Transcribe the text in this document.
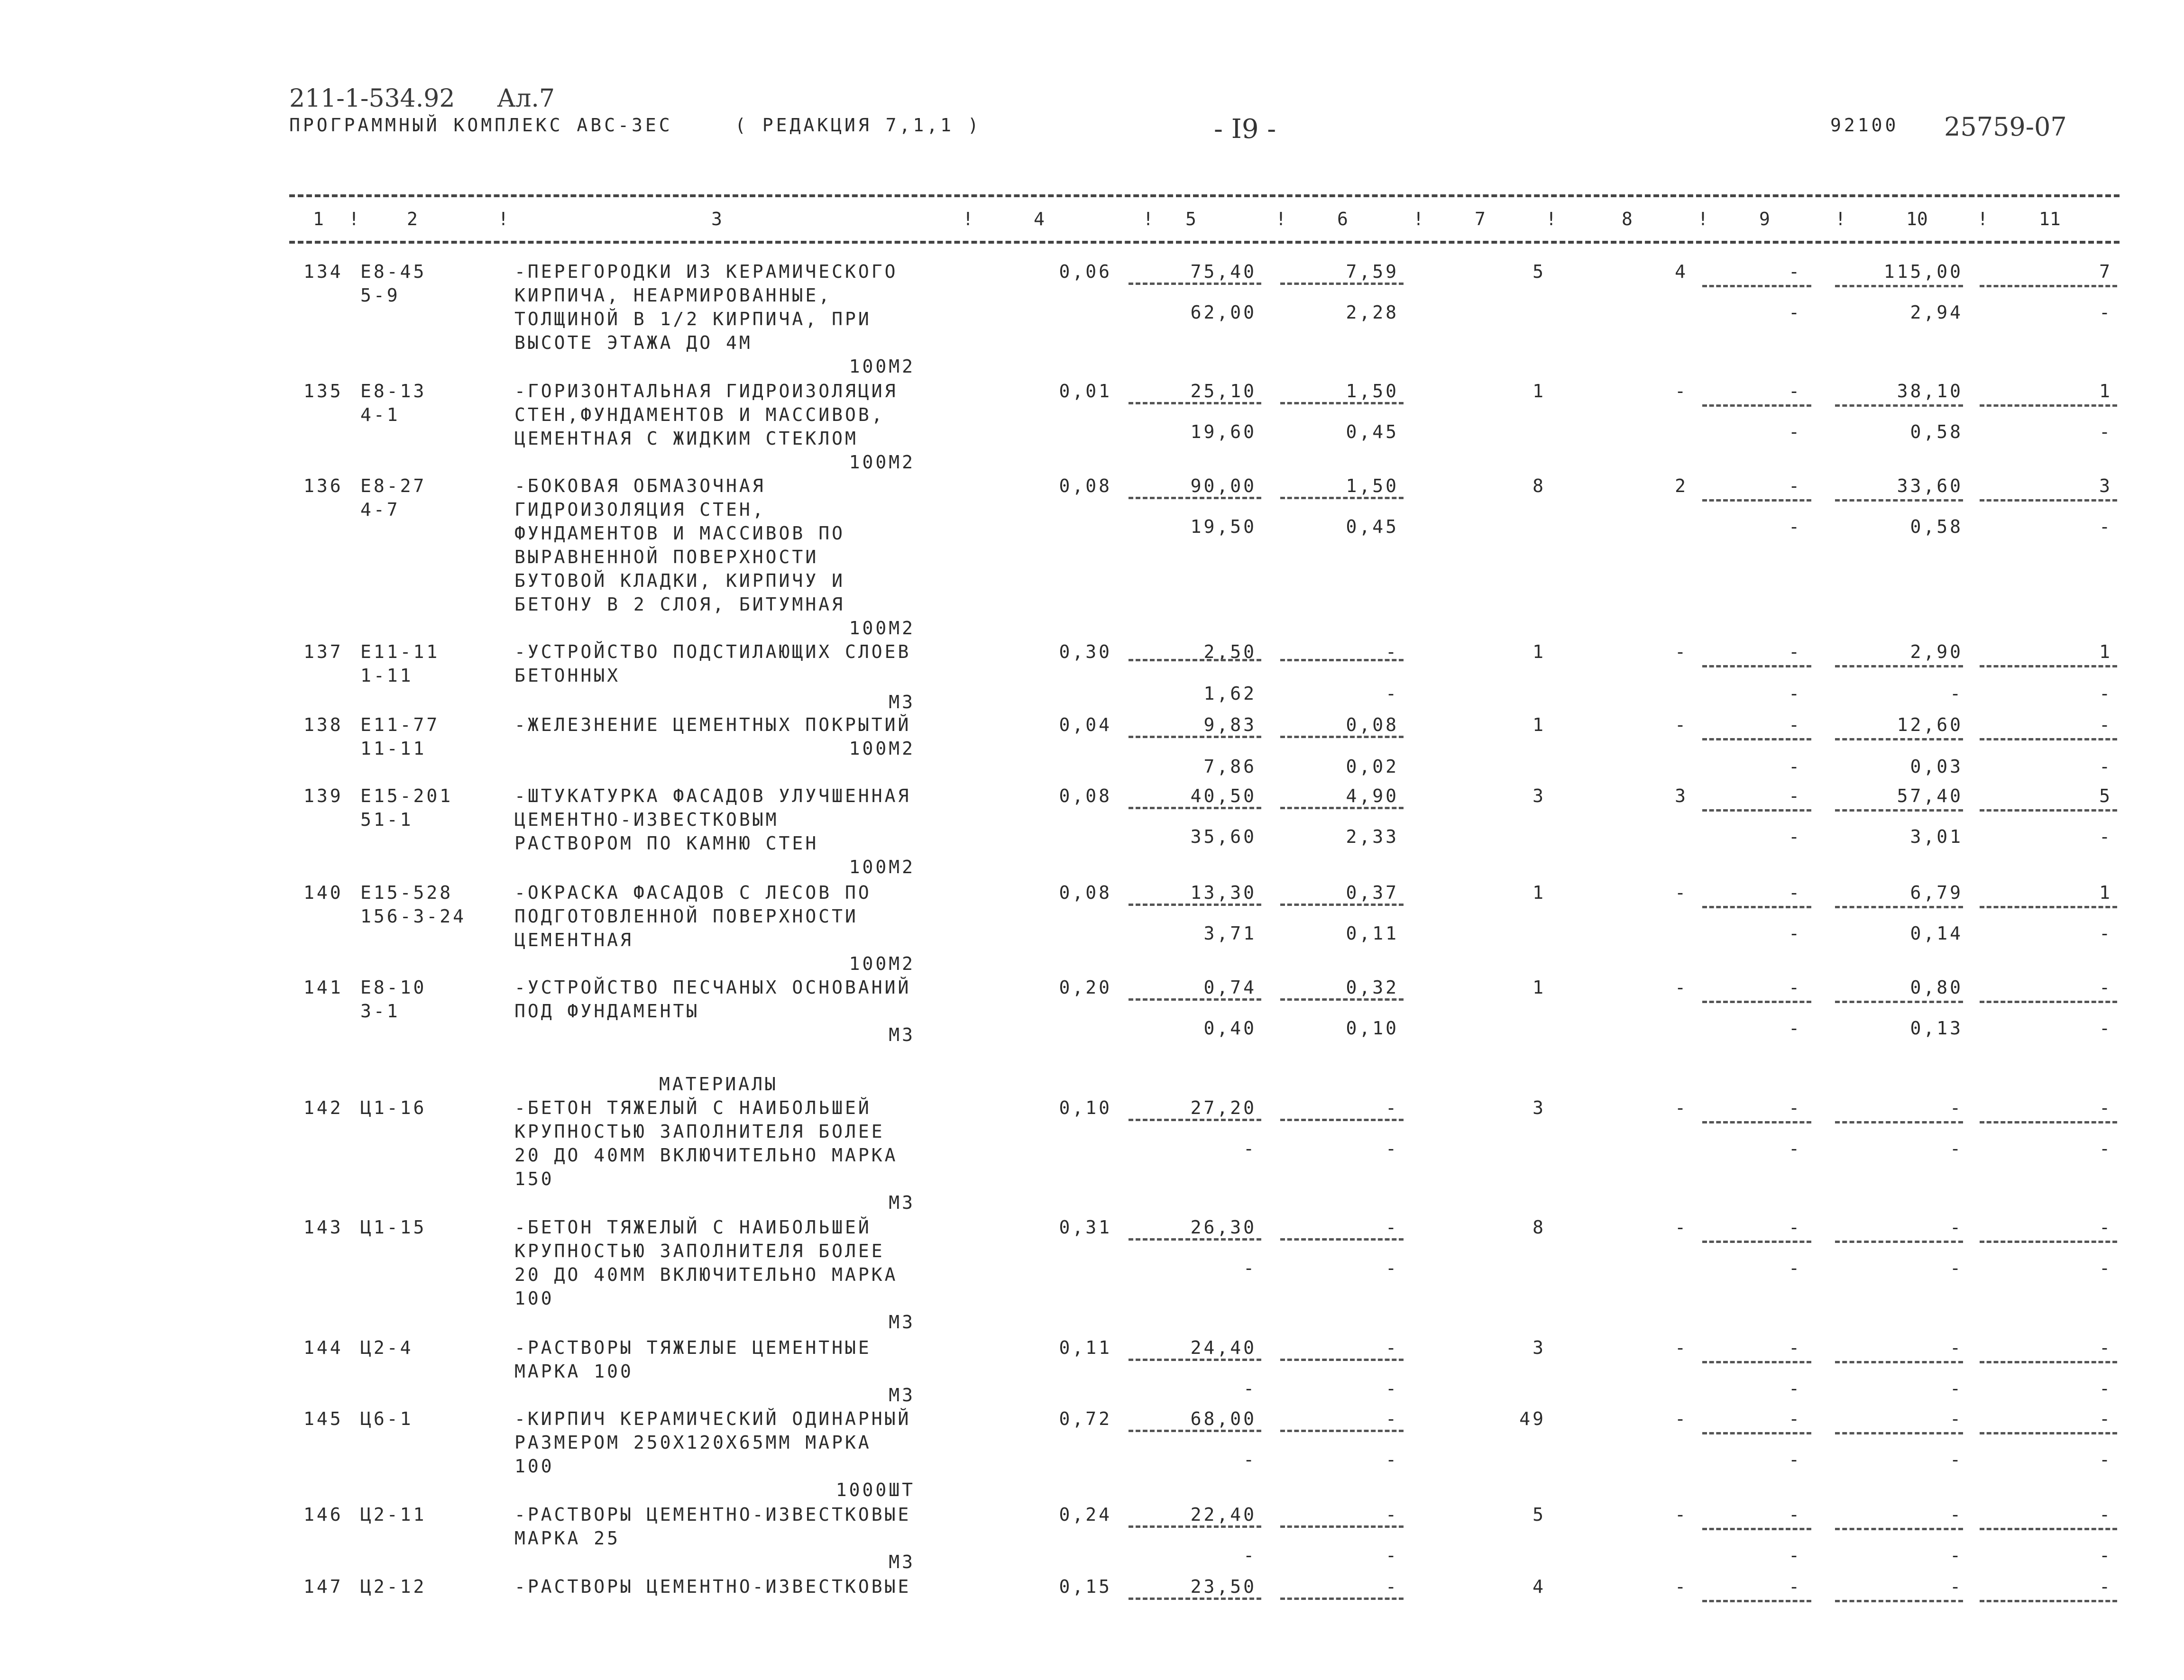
211-1-534.92 Ал.7
ПРОГРАММНЫЙ КОМПЛЕКС АВС-3ЕС	( РЕДАКЦИЯ 7,1,1 )	- I9 -	92100 25759-07
1	2	3	4	5	6	7	8	9	10	11
!	!	!	!	!	!	!	!	!	!
МАТЕРИАЛЫ
134 Е8-45
5-9
-ПЕРЕГОРОДКИ ИЗ КЕРАМИЧЕСКОГО
КИРПИЧА, НЕАРМИРОВАННЫЕ,
ТОЛЩИНОЙ В 1/2 КИРПИЧА, ПРИ
ВЫСОТЕ ЭТАЖА ДО 4М
100М2
0,06	75,40	7,59	5	4	-	115,00	7
62,00	2,28	-	2,94	-
135 Е8-13
4-1
-ГОРИЗОНТАЛЬНАЯ ГИДРОИЗОЛЯЦИЯ
СТЕН,ФУНДАМЕНТОВ И МАССИВОВ,
ЦЕМЕНТНАЯ С ЖИДКИМ СТЕКЛОМ
100М2
0,01	25,10	1,50	1	-	-	38,10	1
19,60	0,45	-	0,58	-
136 Е8-27
4-7
-БОКОВАЯ ОБМАЗОЧНАЯ
ГИДРОИЗОЛЯЦИЯ СТЕН,
ФУНДАМЕНТОВ И МАССИВОВ ПО
ВЫРАВНЕННОЙ ПОВЕРХНОСТИ
БУТОВОЙ КЛАДКИ, КИРПИЧУ И
БЕТОНУ В 2 СЛОЯ, БИТУМНАЯ
100М2
0,08	90,00	1,50	8	2	-	33,60	3
19,50	0,45	-	0,58	-
137 Е11-11
1-11
-УСТРОЙСТВО ПОДСТИЛАЮЩИХ СЛОЕВ
БЕТОННЫХ
М3
0,30	2,50	-	1	-	-	2,90	1
1,62	-	-	-	-
138 Е11-77
11-11
-ЖЕЛЕЗНЕНИЕ ЦЕМЕНТНЫХ ПОКРЫТИЙ
100М2
0,04	9,83	0,08	1	-	-	12,60	-
7,86	0,02	-	0,03	-
139 Е15-201
51-1
-ШТУКАТУРКА ФАСАДОВ УЛУЧШЕННАЯ
ЦЕМЕНТНО-ИЗВЕСТКОВЫМ
РАСТВОРОМ ПО КАМНЮ СТЕН
100М2
0,08	40,50	4,90	3	3	-	57,40	5
35,60	2,33	-	3,01	-
140 Е15-528
156-3-24
-ОКРАСКА ФАСАДОВ С ЛЕСОВ ПО
ПОДГОТОВЛЕННОЙ ПОВЕРХНОСТИ
ЦЕМЕНТНАЯ
100М2
0,08	13,30	0,37	1	-	-	6,79	1
3,71	0,11	-	0,14	-
141 Е8-10
3-1
-УСТРОЙСТВО ПЕСЧАНЫХ ОСНОВАНИЙ
ПОД ФУНДАМЕНТЫ
М3
0,20	0,74	0,32	1	-	-	0,80	-
0,40	0,10	-	0,13	-
142 Ц1-16	-БЕТОН ТЯЖЕЛЫЙ С НАИБОЛЬШЕЙ
КРУПНОСТЬЮ ЗАПОЛНИТЕЛЯ БОЛЕЕ
20 ДО 40ММ ВКЛЮЧИТЕЛЬНО МАРКА
150
М3
0,10	27,20	-	3	-	-	-	-
-	-	-	-	-
143 Ц1-15	-БЕТОН ТЯЖЕЛЫЙ С НАИБОЛЬШЕЙ
КРУПНОСТЬЮ ЗАПОЛНИТЕЛЯ БОЛЕЕ
20 ДО 40ММ ВКЛЮЧИТЕЛЬНО МАРКА
100
М3
0,31	26,30	-	8	-	-	-	-
-	-	-	-	-
144 Ц2-4	-РАСТВОРЫ ТЯЖЕЛЫЕ ЦЕМЕНТНЫЕ
МАРКА 100
М3
0,11	24,40	-	3	-	-	-	-
-	-	-	-	-
145 Ц6-1	-КИРПИЧ КЕРАМИЧЕСКИЙ ОДИНАРНЫЙ
РАЗМЕРОМ 250Х120Х65ММ МАРКА
100
1000ШТ
0,72	68,00	-	49	-	-	-	-
-	-	-	-	-
146 Ц2-11	-РАСТВОРЫ ЦЕМЕНТНО-ИЗВЕСТКОВЫЕ
МАРКА 25
М3
0,24	22,40	-	5	-	-	-	-
-	-	-	-	-
147 Ц2-12	-РАСТВОРЫ ЦЕМЕНТНО-ИЗВЕСТКОВЫЕ	0,15	23,50	-	4	-	-	-	-
